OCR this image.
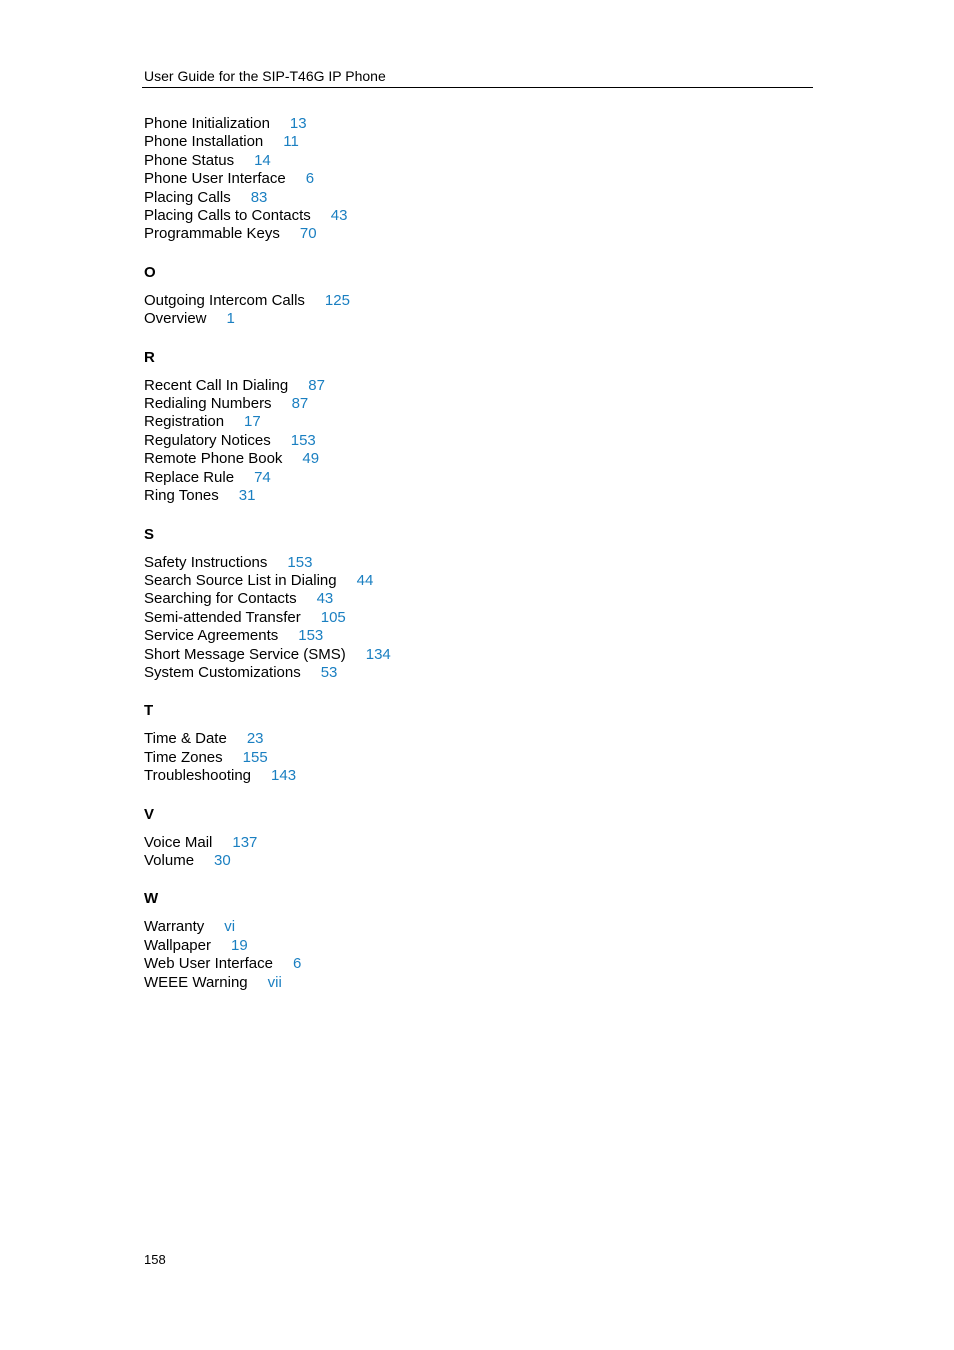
User Guide for the SIP-T46G IP Phone
Phone Initialization 13
Phone Installation 11
Phone Status 14
Phone User Interface 6
Placing Calls 83
Placing Calls to Contacts 43
Programmable Keys 70
O
Outgoing Intercom Calls 125
Overview 1
R
Recent Call In Dialing 87
Redialing Numbers 87
Registration 17
Regulatory Notices 153
Remote Phone Book 49
Replace Rule 74
Ring Tones 31
S
Safety Instructions 153
Search Source List in Dialing 44
Searching for Contacts 43
Semi-attended Transfer 105
Service Agreements 153
Short Message Service (SMS) 134
System Customizations 53
T
Time & Date 23
Time Zones 155
Troubleshooting 143
V
Voice Mail 137
Volume 30
W
Warranty vi
Wallpaper 19
Web User Interface 6
WEEE Warning vii
158
